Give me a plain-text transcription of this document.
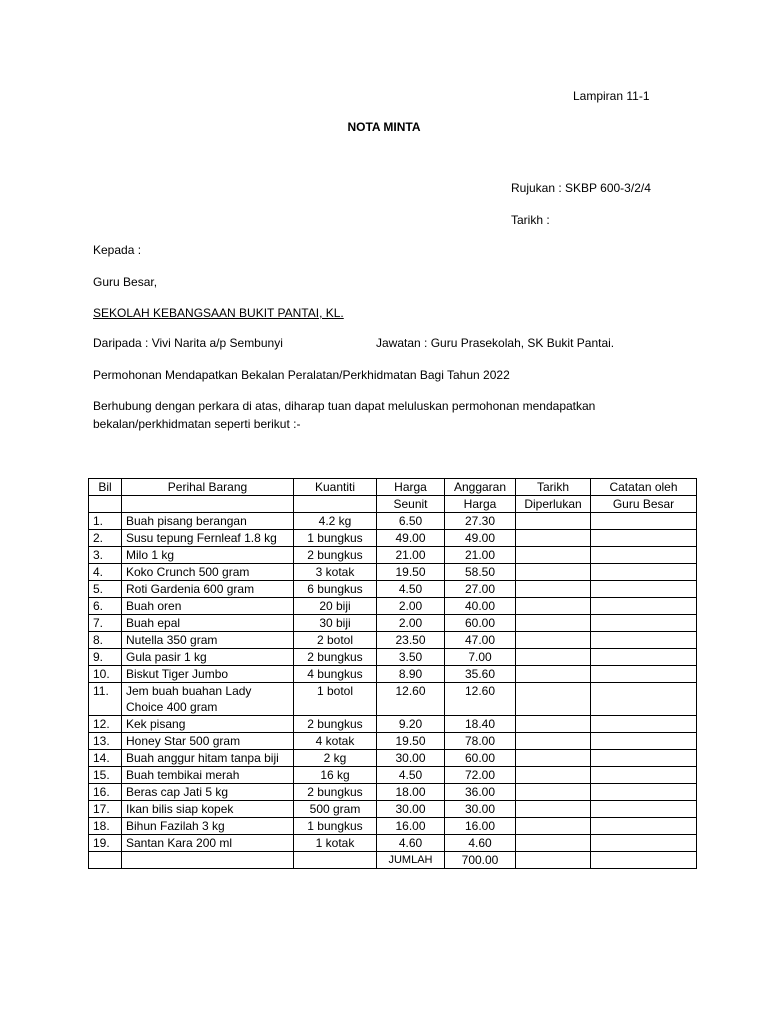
Lampiran 11-1
NOTA MINTA
Rujukan : SKBP 600-3/2/4
Tarikh :
Kepada :
Guru Besar,
SEKOLAH KEBANGSAAN BUKIT PANTAI, KL.
Daripada : Vivi Narita a/p Sembunyi	Jawatan : Guru Prasekolah, SK Bukit Pantai.
Permohonan Mendapatkan Bekalan Peralatan/Perkhidmatan Bagi Tahun 2022
Berhubung dengan perkara di atas, diharap tuan dapat meluluskan permohonan mendapatkan bekalan/perkhidmatan seperti berikut :-
Bil	Perihal Barang	Kuantiti	Harga	Anggaran	Tarikh	Catatan oleh
			Seunit	Harga	Diperlukan	Guru Besar
1.	Buah pisang berangan	4.2 kg	6.50	27.30		
2.	Susu tepung Fernleaf 1.8 kg	1 bungkus	49.00	49.00		
3.	Milo 1 kg	2 bungkus	21.00	21.00		
4.	Koko Crunch 500 gram	3 kotak	19.50	58.50		
5.	Roti Gardenia 600 gram	6 bungkus	4.50	27.00		
6.	Buah oren	20 biji	2.00	40.00		
7.	Buah epal	30 biji	2.00	60.00		
8.	Nutella 350 gram	2 botol	23.50	47.00		
9.	Gula pasir 1 kg	2 bungkus	3.50	7.00		
10.	Biskut Tiger Jumbo	4 bungkus	8.90	35.60		
11.	Jem buah buahan Lady Choice 400 gram	1 botol	12.60	12.60		
12.	Kek pisang	2 bungkus	9.20	18.40		
13.	Honey Star 500 gram	4 kotak	19.50	78.00		
14.	Buah anggur hitam tanpa biji	2 kg	30.00	60.00		
15.	Buah tembikai merah	16 kg	4.50	72.00		
16.	Beras cap Jati 5 kg	2 bungkus	18.00	36.00		
17.	Ikan bilis siap kopek	500 gram	30.00	30.00		
18.	Bihun Fazilah 3 kg	1 bungkus	16.00	16.00		
19.	Santan Kara 200 ml	1 kotak	4.60	4.60		
			JUMLAH	700.00		
